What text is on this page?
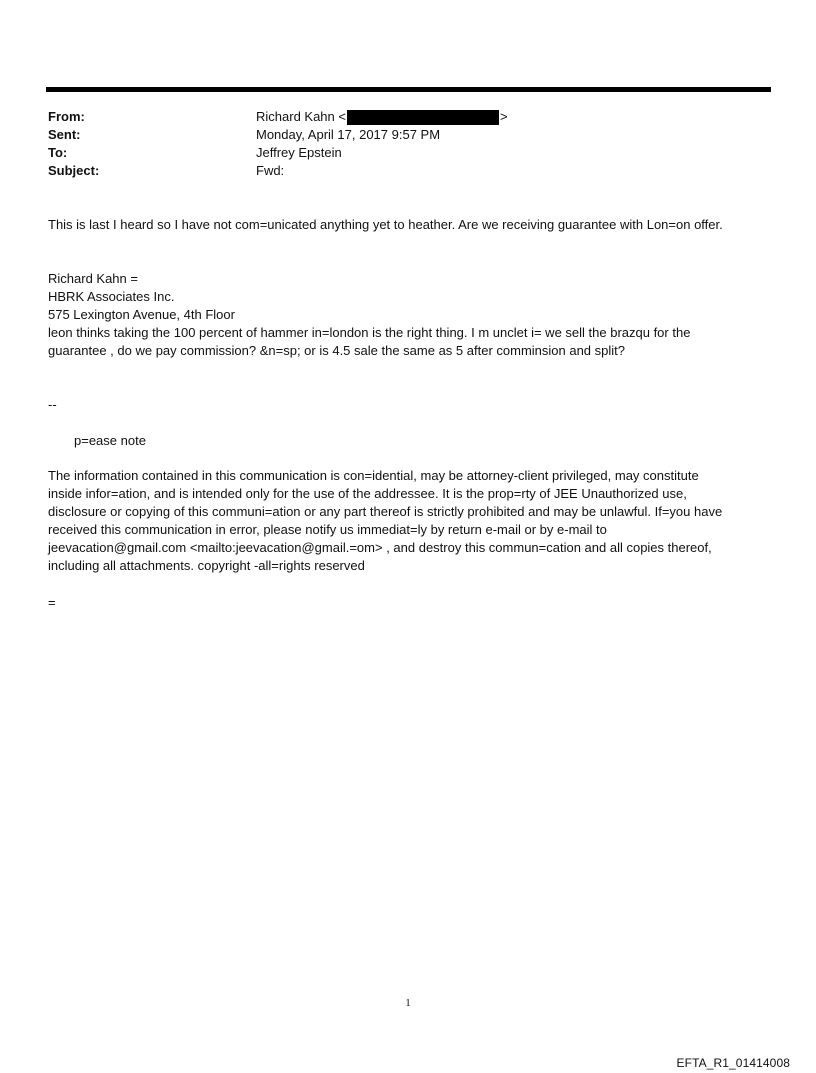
From:	Richard Kahn <	>
Sent:	Monday, April 17, 2017 9:57 PM
To:	Jeffrey Epstein
Subject:	Fwd:
This is last I heard so I have not com=unicated anything yet to heather. Are we receiving guarantee with Lon=on offer.
Richard Kahn =
HBRK Associates Inc.
575 Lexington Avenue, 4th Floor
leon thinks taking the 100 percent of hammer in=london is the right thing. I m unclet i= we sell the brazqu for the
guarantee , do we pay commission? &n=sp; or is 4.5 sale the same as 5 after comminsion and split?
--
p=ease note
The information contained in this communication is con=idential, may be attorney-client privileged, may constitute
inside infor=ation, and is intended only for the use of the addressee. It is the prop=rty of JEE Unauthorized use,
disclosure or copying of this communi=ation or any part thereof is strictly prohibited and may be unlawful. If=you have
received this communication in error, please notify us immediat=ly by return e-mail or by e-mail to
jeevacation@gmail.com <mailto:jeevacation@gmail.=om> , and destroy this commun=cation and all copies thereof,
including all attachments. copyright -all=rights reserved
=
1
EFTA_R1_01414008
